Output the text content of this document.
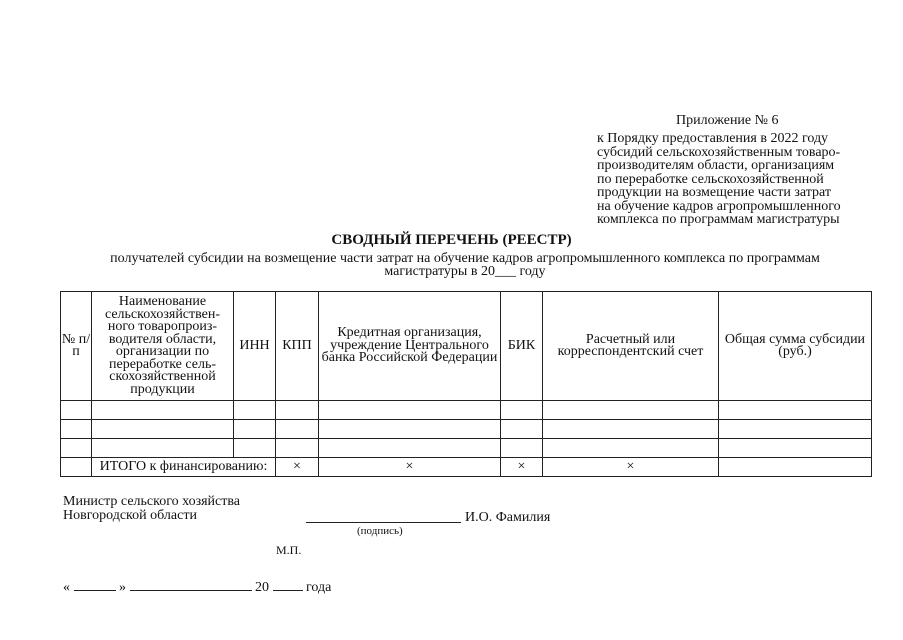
Приложение № 6
к Порядку предоставления в 2022 году
субсидий сельскохозяйственным товаро-
производителям области, организациям
по переработке сельскохозяйственной
продукции на возмещение части затрат
на обучение кадров агропромышленного
комплекса по программам магистратуры
СВОДНЫЙ ПЕРЕЧЕНЬ (РЕЕСТР)
получателей субсидии на возмещение части затрат на обучение кадров агропромышленного комплекса по программам
магистратуры в 20___ году
№ п/п	Наименование сельскохозяйствен-ного товаропроиз-водителя области, организации по переработке сель-скохозяйственной продукции	ИНН	КПП	Кредитная организация, учреждение Центрального банка Российской Федерации	БИК	Расчетный или корреспондентский счет	Общая сумма субсидии (руб.)

	ИТОГО к финансированию:		×	×	×	×	
Министр сельского хозяйства
Новгородской области	И.О. Фамилия
(подпись)
М.П.
«	»	20	года
